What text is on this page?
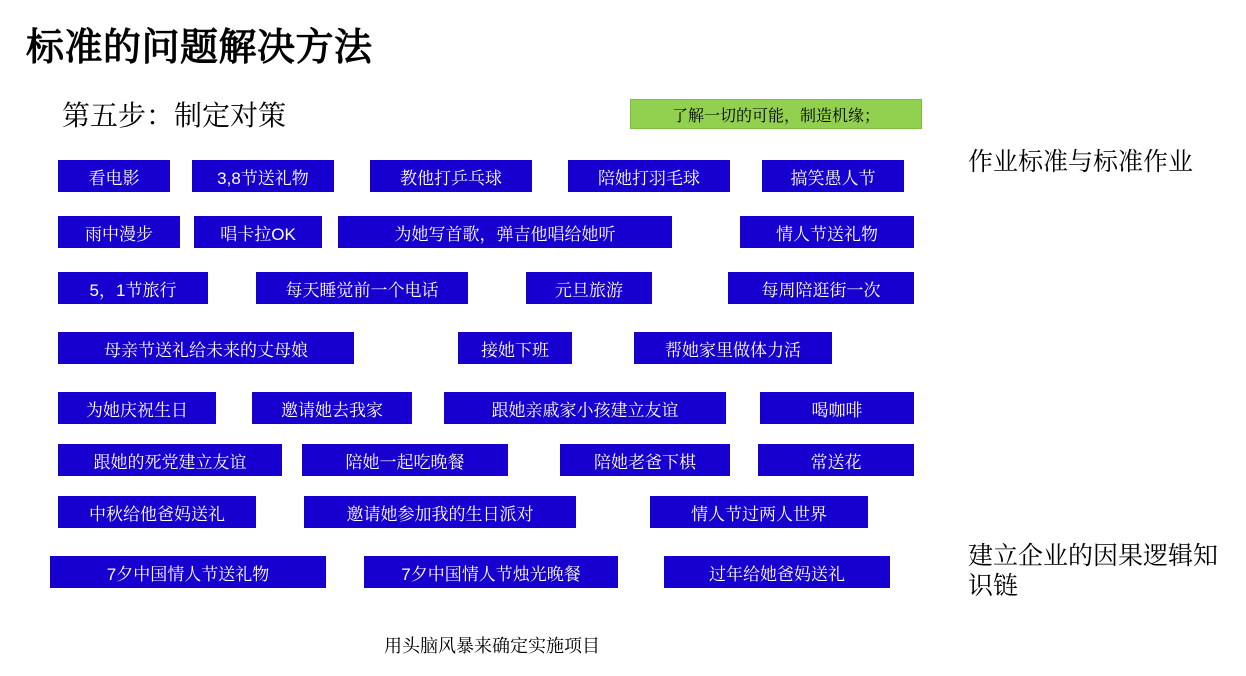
标准的问题解决方法
第五步：制定对策	了解一切的可能，制造机缘；
作业标准与标准作业
建立企业的因果逻辑知识链
看电影	3,8节送礼物	教他打乒乓球	陪她打羽毛球	搞笑愚人节
雨中漫步	唱卡拉OK	为她写首歌，弹吉他唱给她听	情人节送礼物
5，1节旅行	每天睡觉前一个电话	元旦旅游	每周陪逛街一次
母亲节送礼给未来的丈母娘	接她下班	帮她家里做体力活
为她庆祝生日	邀请她去我家	跟她亲戚家小孩建立友谊	喝咖啡
跟她的死党建立友谊	陪她一起吃晚餐	陪她老爸下棋	常送花
中秋给他爸妈送礼	邀请她参加我的生日派对	情人节过两人世界
7夕中国情人节送礼物	7夕中国情人节烛光晚餐	过年给她爸妈送礼
用头脑风暴来确定实施项目
